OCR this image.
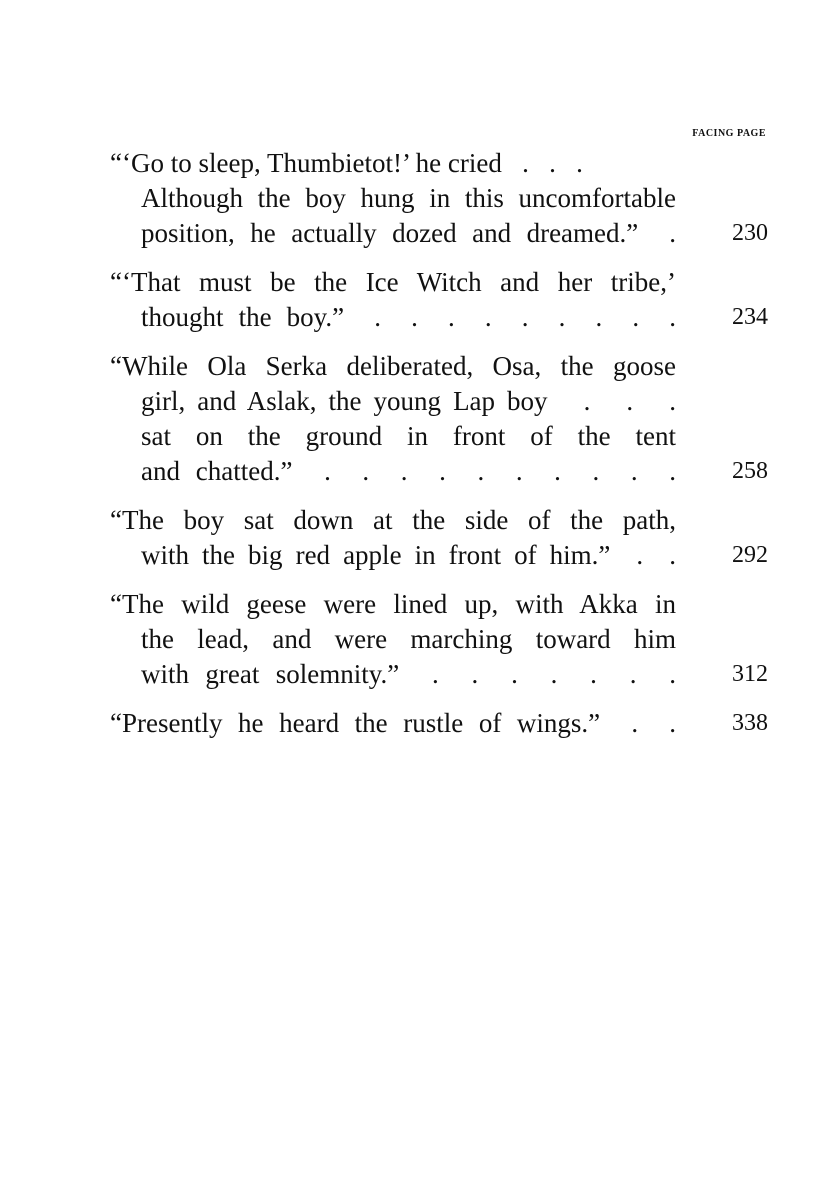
FACING PAGE
“‘Go to sleep, Thumbietot!’ he cried   .   .   .
Although the boy hung in this uncomfortable
position, he actually dozed and dreamed.”  . 230
“‘That must be the Ice Witch and her tribe,’
thought the boy.”  .  .  .  .  .  .  .  .  . 234
“While Ola Serka deliberated, Osa, the goose
girl, and Aslak, the young Lap boy   .   .   .
sat on the ground in front of the tent
and chatted.”  .  .  .  .  .  .  .  .  .  . 258
“The boy sat down at the side of the path,
with the big red apple in front of him.”  .  . 292
“The wild geese were lined up, with Akka in
the lead, and were marching toward him
with great solemnity.”  .  .  .  .  .  .  . 312
“Presently he heard the rustle of wings.”  .  . 338
